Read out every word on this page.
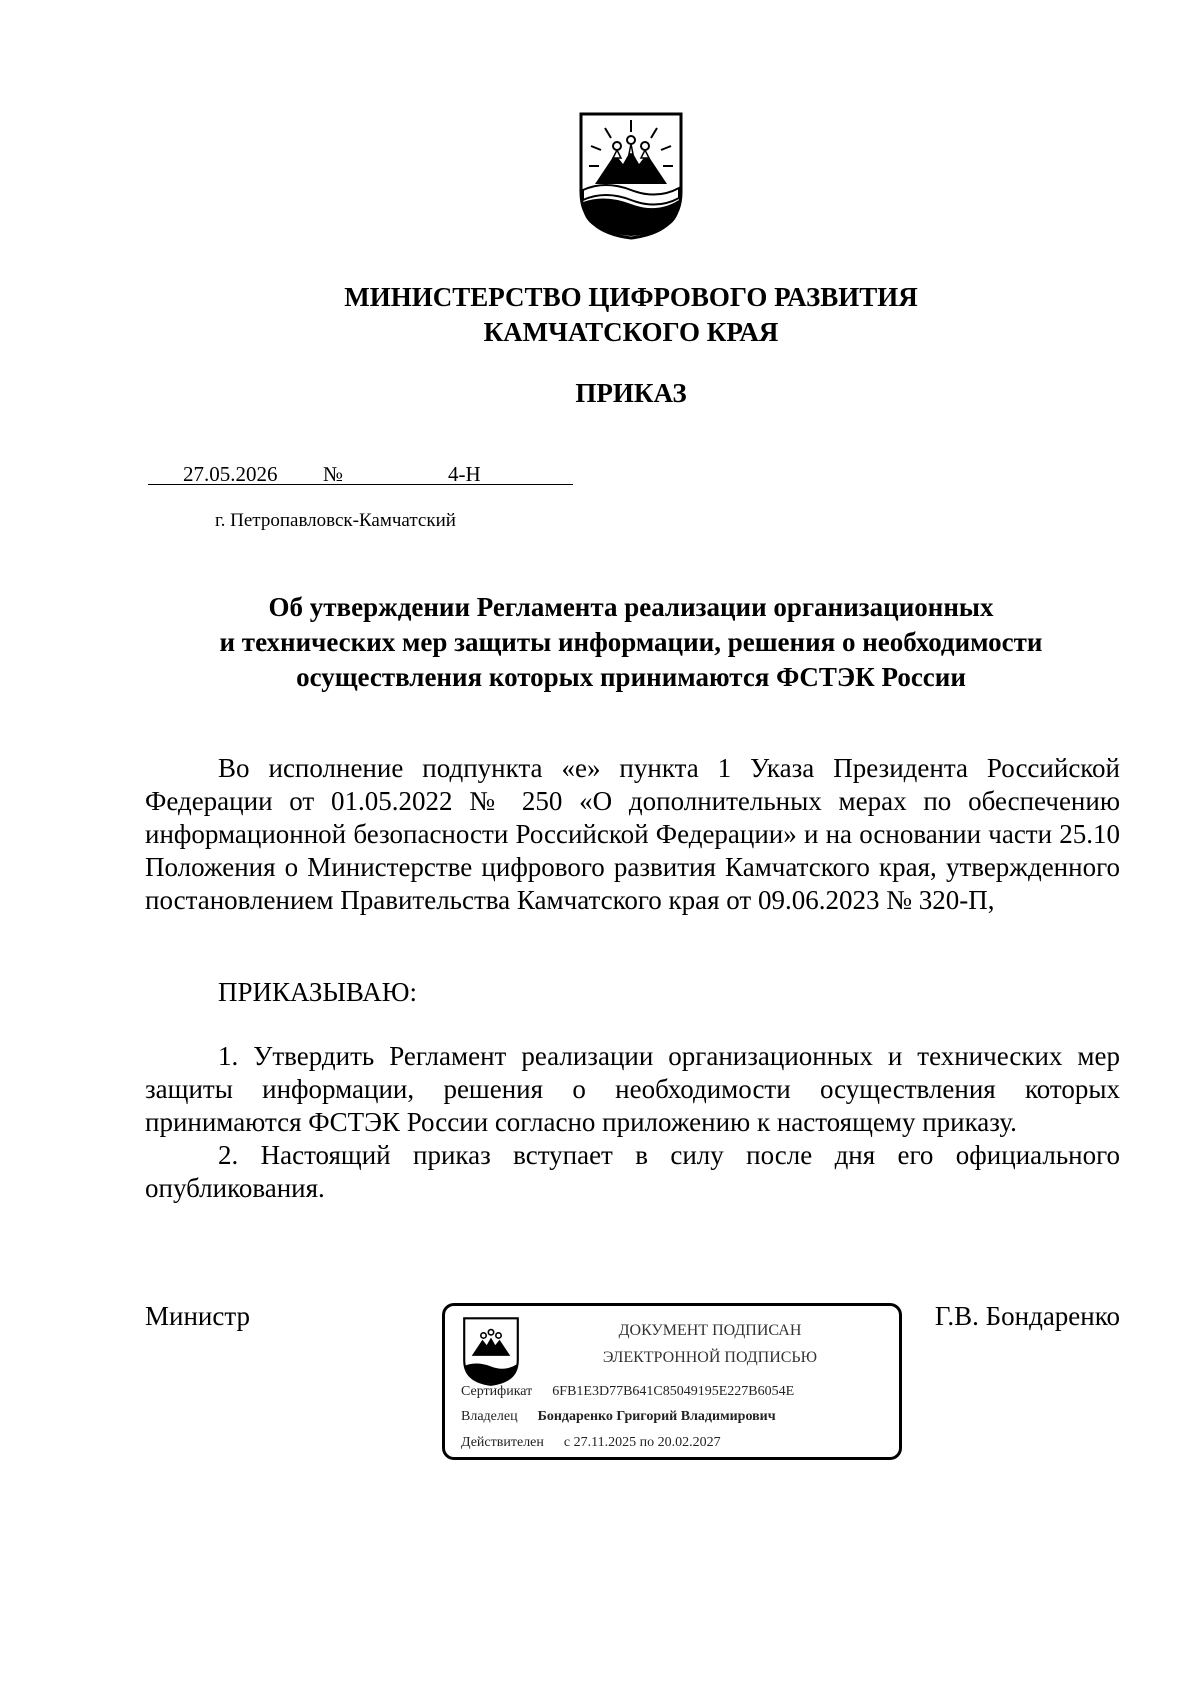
МИНИСТЕРСТВО ЦИФРОВОГО РАЗВИТИЯ
КАМЧАТСКОГО КРАЯ
ПРИКАЗ
27.05.2026 №	4-Н
г. Петропавловск-Камчатский
Об утверждении Регламента реализации организационных
и технических мер защиты информации, решения о необходимости
осуществления которых принимаются ФСТЭК России

Во исполнение подпункта «е» пункта 1 Указа Президента Российской Федерации от 01.05.2022 № 250 «О дополнительных мерах по обеспечению информационной безопасности Российской Федерации» и на основании части 25.10 Положения о Министерстве цифрового развития Камчатского края, утвержденного постановлением Правительства Камчатского края от 09.06.2023 № 320-П,

ПРИКАЗЫВАЮ:

1. Утвердить Регламент реализации организационных и технических мер защиты информации, решения о необходимости осуществления которых принимаются ФСТЭК России согласно приложению к настоящему приказу.

2. Настоящий приказ вступает в силу после дня его официального опубликования.

Министр	Г.В. Бондаренко
ДОКУМЕНТ ПОДПИСАН
ЭЛЕКТРОННОЙ ПОДПИСЬЮ
Сертификат 6FB1E3D77B641C85049195E227B6054E
Владелец Бондаренко Григорий Владимирович
Действителен с 27.11.2025 по 20.02.2027
